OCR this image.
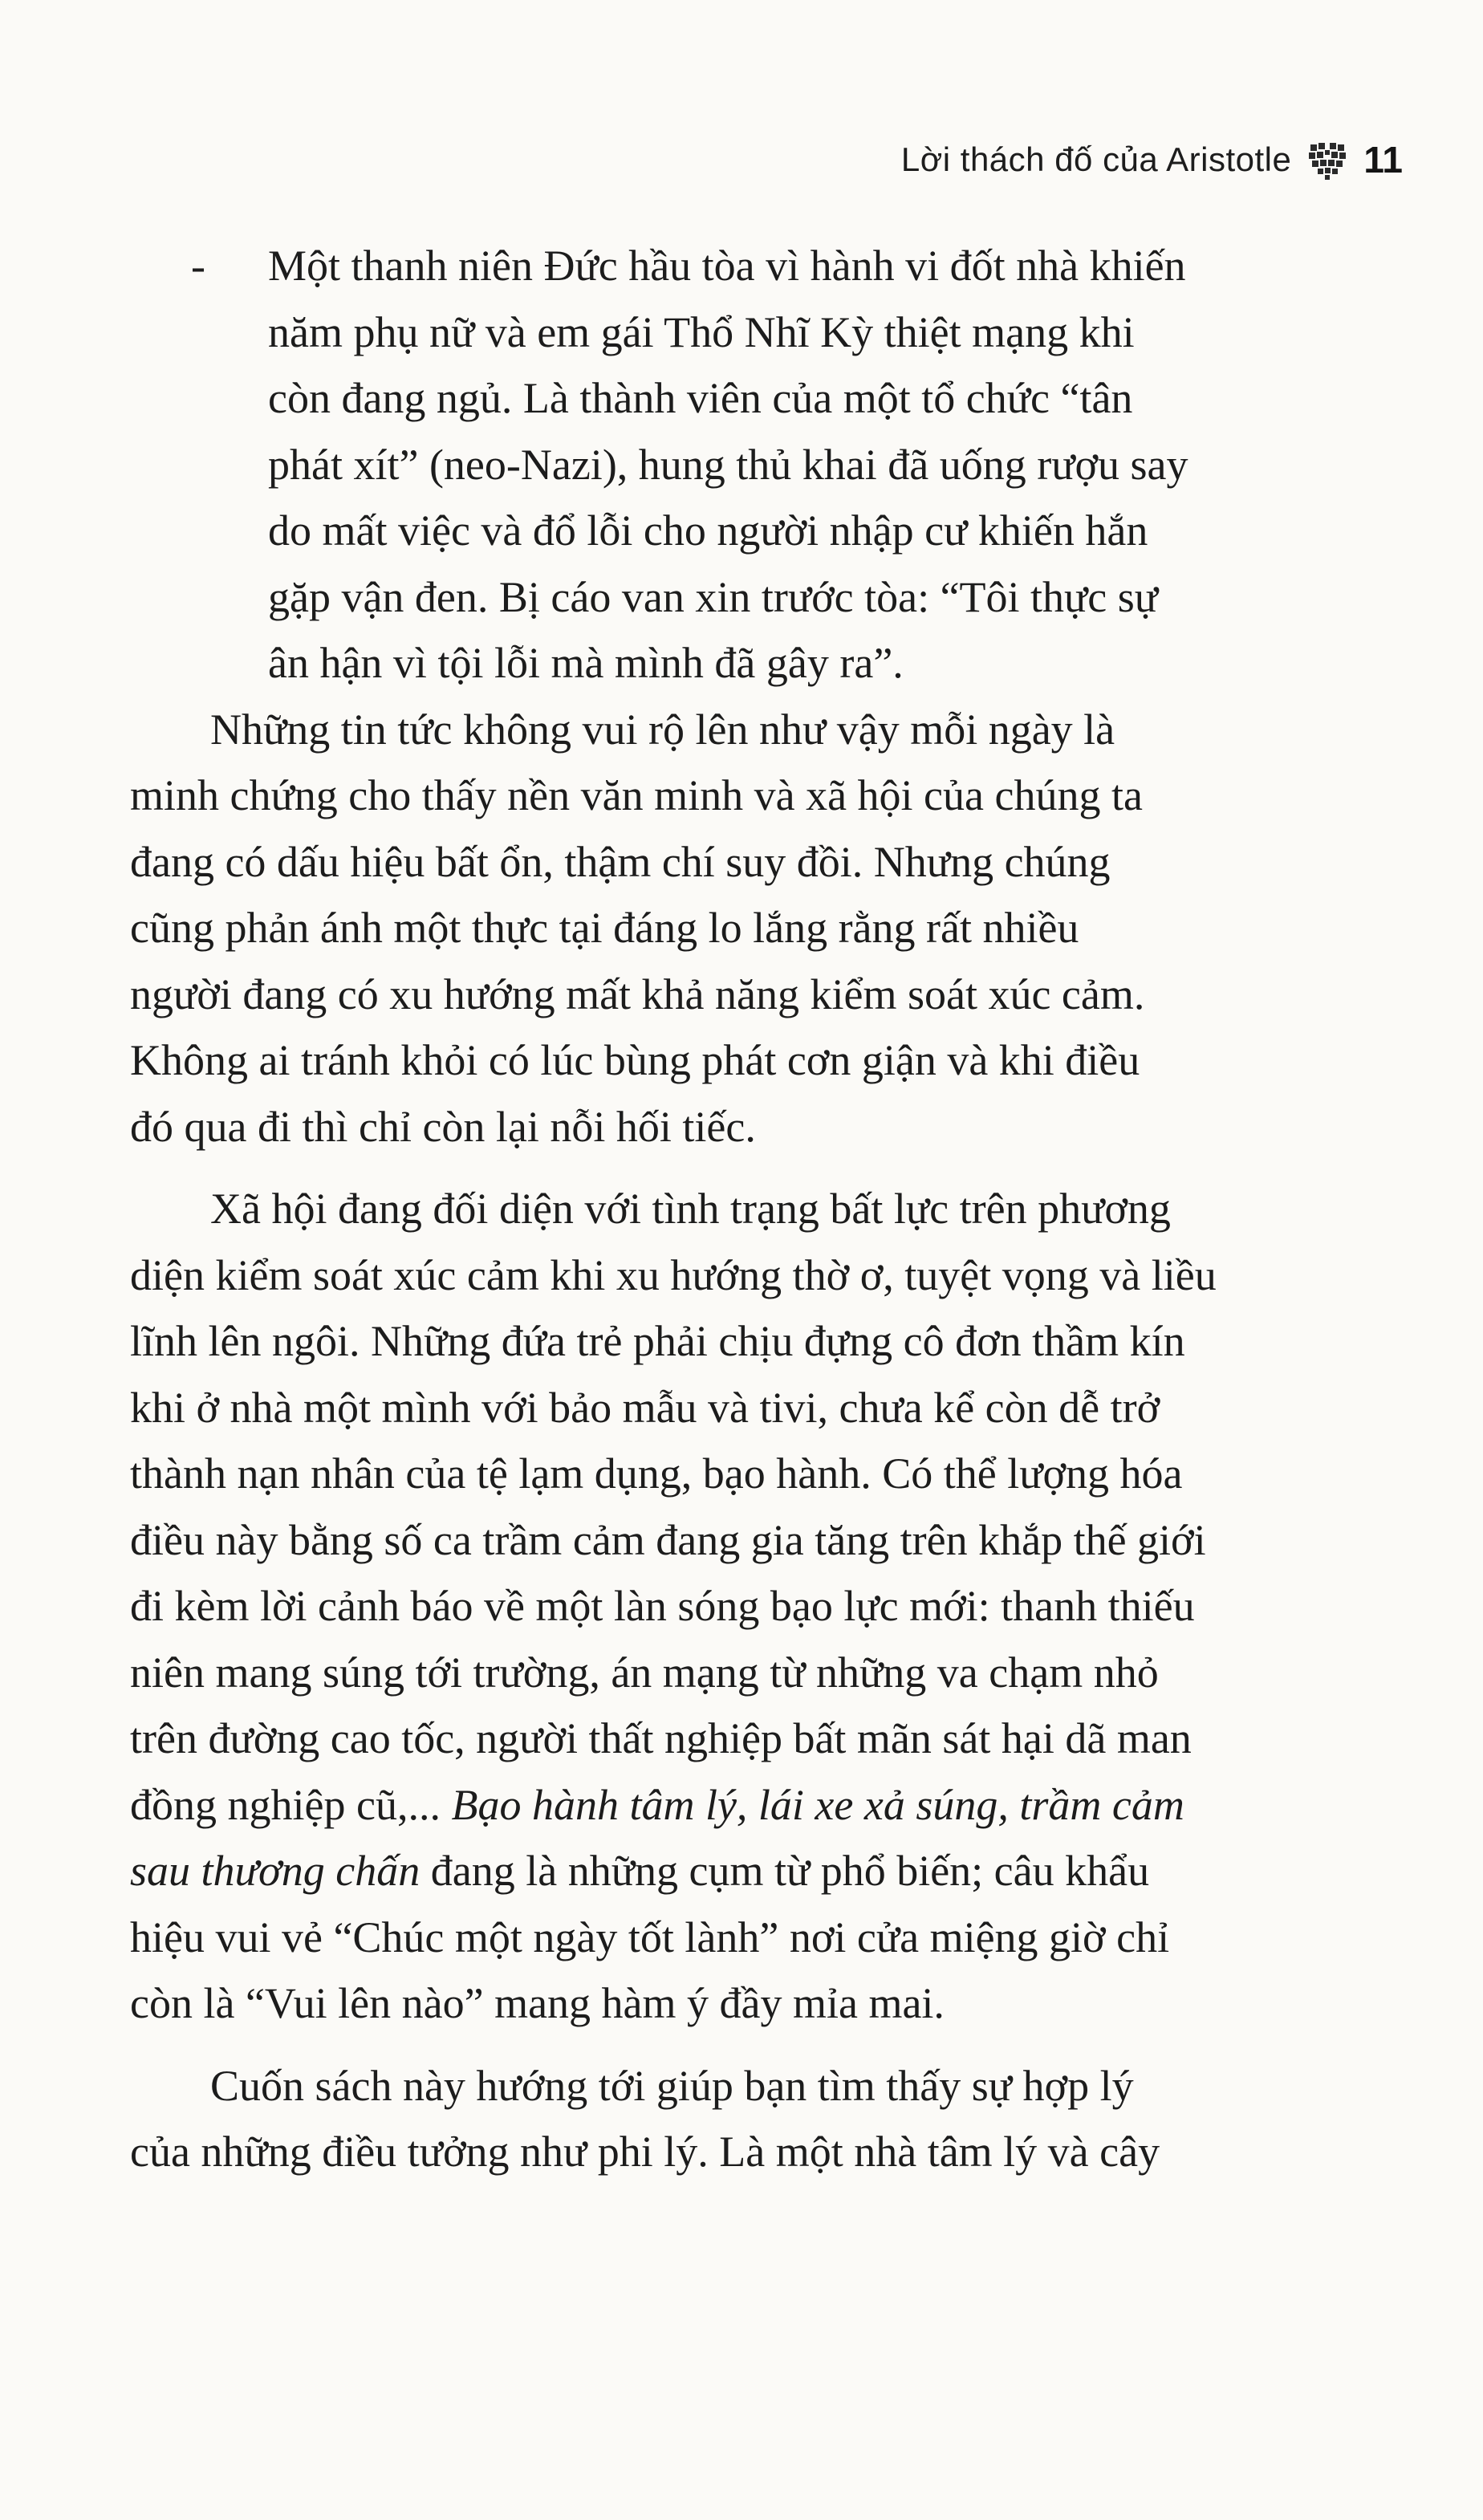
Lời thách đố của Aristotle 11

- Một thanh niên Đức hầu tòa vì hành vi đốt nhà khiến
năm phụ nữ và em gái Thổ Nhĩ Kỳ thiệt mạng khi
còn đang ngủ. Là thành viên của một tổ chức “tân
phát xít” (neo-Nazi), hung thủ khai đã uống rượu say
do mất việc và đổ lỗi cho người nhập cư khiến hắn
gặp vận đen. Bị cáo van xin trước tòa: “Tôi thực sự
ân hận vì tội lỗi mà mình đã gây ra”.

Những tin tức không vui rộ lên như vậy mỗi ngày là
minh chứng cho thấy nền văn minh và xã hội của chúng ta
đang có dấu hiệu bất ổn, thậm chí suy đồi. Nhưng chúng
cũng phản ánh một thực tại đáng lo lắng rằng rất nhiều
người đang có xu hướng mất khả năng kiểm soát xúc cảm.
Không ai tránh khỏi có lúc bùng phát cơn giận và khi điều
đó qua đi thì chỉ còn lại nỗi hối tiếc.

Xã hội đang đối diện với tình trạng bất lực trên phương
diện kiểm soát xúc cảm khi xu hướng thờ ơ, tuyệt vọng và liều
lĩnh lên ngôi. Những đứa trẻ phải chịu đựng cô đơn thầm kín
khi ở nhà một mình với bảo mẫu và tivi, chưa kể còn dễ trở
thành nạn nhân của tệ lạm dụng, bạo hành. Có thể lượng hóa
điều này bằng số ca trầm cảm đang gia tăng trên khắp thế giới
đi kèm lời cảnh báo về một làn sóng bạo lực mới: thanh thiếu
niên mang súng tới trường, án mạng từ những va chạm nhỏ
trên đường cao tốc, người thất nghiệp bất mãn sát hại dã man
đồng nghiệp cũ,... Bạo hành tâm lý, lái xe xả súng, trầm cảm
sau thương chấn đang là những cụm từ phổ biến; câu khẩu
hiệu vui vẻ “Chúc một ngày tốt lành” nơi cửa miệng giờ chỉ
còn là “Vui lên nào” mang hàm ý đầy mỉa mai.

Cuốn sách này hướng tới giúp bạn tìm thấy sự hợp lý
của những điều tưởng như phi lý. Là một nhà tâm lý và cây
